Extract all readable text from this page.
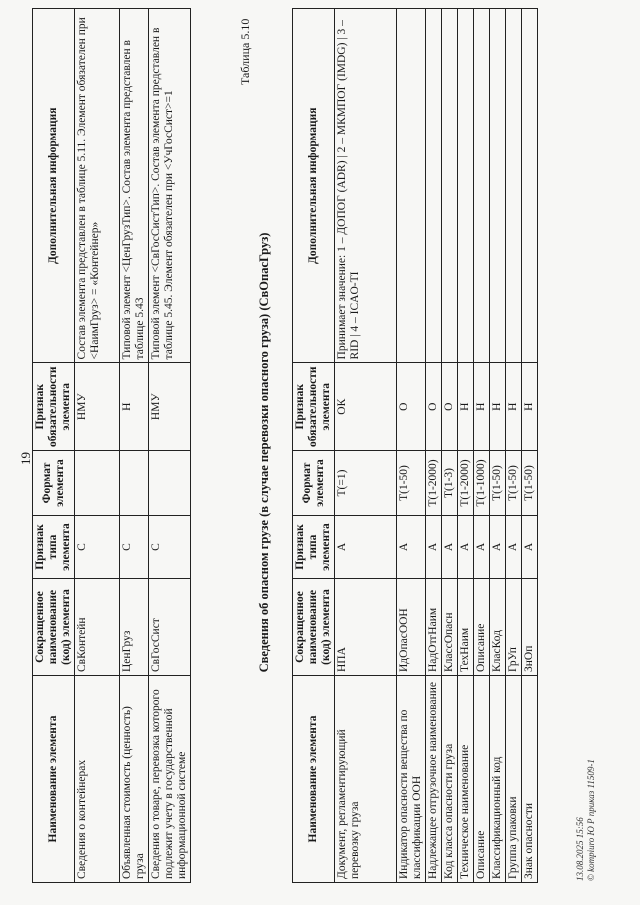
19
Наименование элемента	Сокращенное наименование (код) элемента	Признак типа элемента	Формат элемента	Признак обязательности элемента	Дополнительная информация
Сведения о контейнерах	СвКонтейн	С		НМУ	Состав элемента представлен в таблице 5.11. Элемент обязателен при <НаимГруз> = «Контейнер»
Объявленная стоимость (ценность) груза	ЦенГруз	С		Н	Типовой элемент <ЦенГрузТип>. Состав элемента представлен в таблице 5.43
Сведения о товаре, перевозка которого подлежит учету в государственной информационной системе	СвГосСист	С		НМУ	Типовой элемент <СвГосСистТип>. Состав элемента представлен в таблице 5.45. Элемент обязателен при <УчГосСист>=1
Таблица 5.10
Сведения об опасном грузе (в случае перевозки опасного груза) (СвОпасГруз)
Наименование элемента	Сокращенное наименование (код) элемента	Признак типа элемента	Формат элемента	Признак обязательности элемента	Дополнительная информация
Документ, регламентирующий перевозку груза	НПА	А	T(=1)	ОК	Принимает значение: 1 – ДОПОГ (ADR) | 2 – МКМПОГ (IMDG) | 3 – RID | 4 – ICAO-TI
Индикатор опасности вещества по классификации ООН	ИдОпасООН	А	T(1-50)	О	
Надлежащее отгрузочное наименование	НадОтгНаим	А	T(1-2000)	О	
Код класса опасности груза	КлассОпасн	А	T(1-3)	О	
Техническое наименование	ТехНаим	А	T(1-2000)	Н	
Описание	Описание	А	T(1-1000)	Н	
Классификационный код	КласКод	А	T(1-50)	Н	
Группа упаковки	ГрУп	А	T(1-50)	Н	
Знак опасности	ЗнОп	А	T(1-50)	Н	
13.08.2025 15:56 © kompiuro Ю Р приказ 11509-1
